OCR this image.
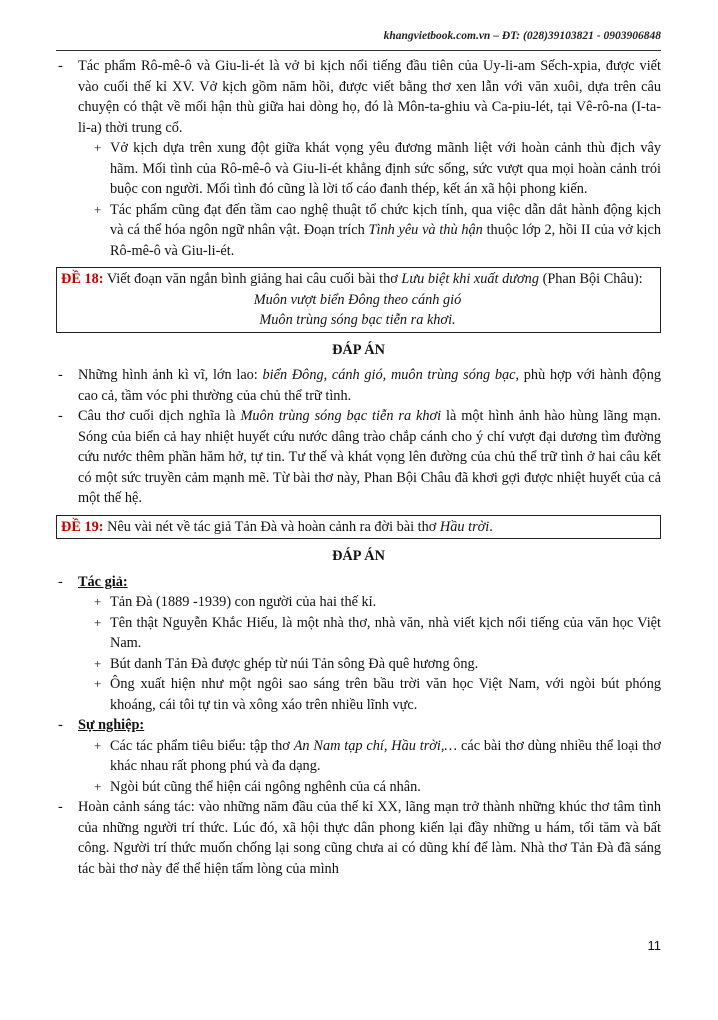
khangvietbook.com.vn – ĐT: (028)39103821 - 0903906848
- Tác phẩm Rô-mê-ô và Giu-li-ét là vở bi kịch nổi tiếng đầu tiên của Uy-li-am Sếch-xpia, được viết vào cuối thế kỉ XV. Vở kịch gồm năm hồi, được viết bằng thơ xen lẫn với văn xuôi, dựa trên câu chuyện có thật về mối hận thù giữa hai dòng họ, đó là Môn-ta-ghiu và Ca-piu-lét, tại Vê-rô-na (I-ta-li-a) thời trung cổ.
+ Vở kịch dựa trên xung đột giữa khát vọng yêu đương mãnh liệt với hoàn cảnh thù địch vây hãm. Mối tình của Rô-mê-ô và Giu-li-ét khẳng định sức sống, sức vượt qua mọi hoàn cảnh trói buộc con người. Mối tình đó cũng là lời tố cáo đanh thép, kết án xã hội phong kiến.
+ Tác phẩm cũng đạt đến tầm cao nghệ thuật tổ chức kịch tính, qua việc dẫn dắt hành động kịch và cá thể hóa ngôn ngữ nhân vật. Đoạn trích Tình yêu và thù hận thuộc lớp 2, hồi II của vở kịch Rô-mê-ô và Giu-li-ét.
ĐỀ 18: Viết đoạn văn ngắn bình giảng hai câu cuối bài thơ Lưu biệt khi xuất dương (Phan Bội Châu):
Muôn vượt biển Đông theo cánh gió
Muôn trùng sóng bạc tiễn ra khơi.
ĐÁP ÁN
- Những hình ảnh kì vĩ, lớn lao: biển Đông, cánh gió, muôn trùng sóng bạc, phù hợp với hành động cao cả, tầm vóc phi thường của chủ thể trữ tình.
- Câu thơ cuối dịch nghĩa là Muôn trùng sóng bạc tiễn ra khơi là một hình ảnh hào hùng lãng mạn. Sóng của biển cả hay nhiệt huyết cứu nước dâng trào chắp cánh cho ý chí vượt đại dương tìm đường cứu nước thêm phần hăm hở, tự tin. Tư thế và khát vọng lên đường của chủ thể trữ tình ở hai câu kết có một sức truyền cảm mạnh mẽ. Từ bài thơ này, Phan Bội Châu đã khơi gợi được nhiệt huyết của cả một thế hệ.
ĐỀ 19: Nêu vài nét về tác giả Tản Đà và hoàn cảnh ra đời bài thơ Hầu trời.
ĐÁP ÁN
- Tác giả:
+ Tản Đà (1889 -1939) con người của hai thế kỉ.
+ Tên thật Nguyễn Khắc Hiếu, là một nhà thơ, nhà văn, nhà viết kịch nổi tiếng của văn học Việt Nam.
+ Bút danh Tản Đà được ghép từ núi Tản sông Đà quê hương ông.
+ Ông xuất hiện như một ngôi sao sáng trên bầu trời văn học Việt Nam, với ngòi bút phóng khoáng, cái tôi tự tin và xông xáo trên nhiều lĩnh vực.
- Sự nghiệp:
+ Các tác phẩm tiêu biểu: tập thơ An Nam tạp chí, Hầu trời,… các bài thơ dùng nhiều thể loại thơ khác nhau rất phong phú và đa dạng.
+ Ngòi bút cũng thể hiện cái ngông nghênh của cá nhân.
- Hoàn cảnh sáng tác: vào những năm đầu của thế kỉ XX, lãng mạn trở thành những khúc thơ tâm tình của những người trí thức. Lúc đó, xã hội thực dân phong kiến lại đầy những u hám, tối tăm và bất công. Người trí thức muốn chống lại song cũng chưa ai có dũng khí để làm. Nhà thơ Tản Đà đã sáng tác bài thơ này để thể hiện tấm lòng của mình
11
